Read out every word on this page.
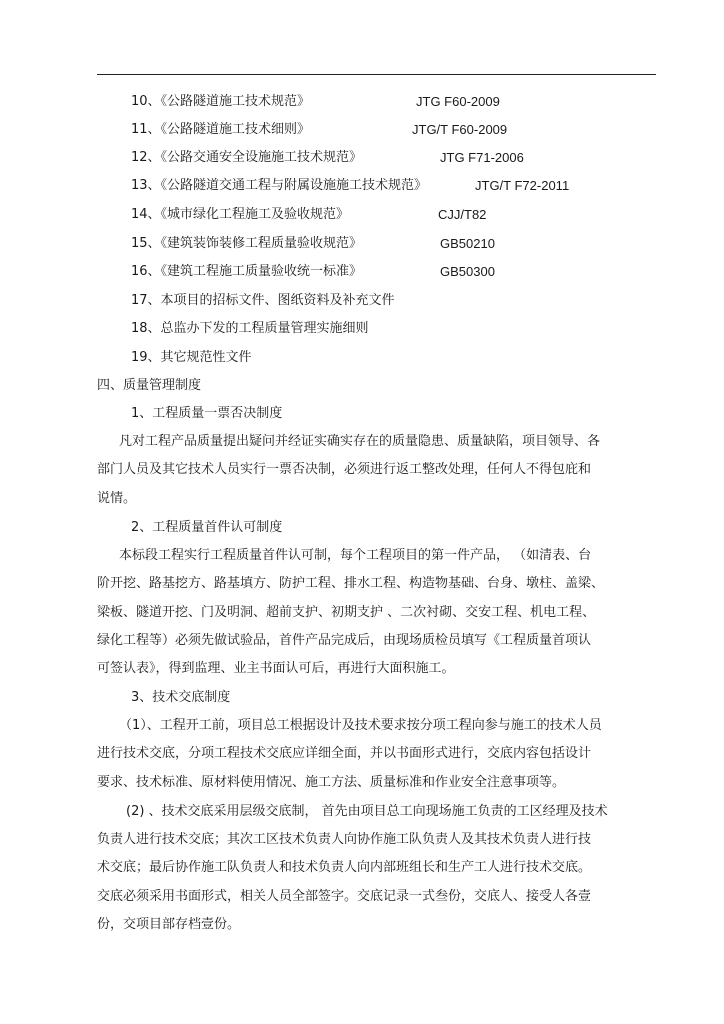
10、《公路隧道施工技术规范》	JTG F60-2009
11、《公路隧道施工技术细则》	JTG/T F60-2009
12、《公路交通安全设施施工技术规范》	JTG F71-2006
13、《公路隧道交通工程与附属设施施工技术规范》	JTG/T F72-2011
14、《城市绿化工程施工及验收规范》	CJJ/T82
15、《建筑装饰装修工程质量验收规范》	GB50210
16、《建筑工程施工质量验收统一标准》	GB50300
17、本项目的招标文件、图纸资料及补充文件
18、总监办下发的工程质量管理实施细则
19、其它规范性文件
四、质量管理制度
1、工程质量一票否决制度
凡对工程产品质量提出疑问并经证实确实存在的质量隐患、质量缺陷，项目领导、各
部门人员及其它技术人员实行一票否决制，必须进行返工整改处理，任何人不得包庇和
说情。
2、工程质量首件认可制度
本标段工程实行工程质量首件认可制，每个工程项目的第一件产品， （如清表、台
阶开挖、路基挖方、路基填方、防护工程、排水工程、构造物基础、台身、墩柱、盖梁、
梁板、隧道开挖、门及明洞、超前支护、初期支护 、二次衬砌、交安工程、机电工程、
绿化工程等）必须先做试验品，首件产品完成后，由现场质检员填写《工程质量首项认
可签认表》，得到监理、业主书面认可后，再进行大面积施工。
3、技术交底制度
（1）、工程开工前，项目总工根据设计及技术要求按分项工程向参与施工的技术人员
进行技术交底，分项工程技术交底应详细全面，并以书面形式进行，交底内容包括设计
要求、技术标准、原材料使用情况、施工方法、质量标准和作业安全注意事项等。
(2) 、技术交底采用层级交底制， 首先由项目总工向现场施工负责的工区经理及技术
负责人进行技术交底；其次工区技术负责人向协作施工队负责人及其技术负责人进行技
术交底；最后协作施工队负责人和技术负责人向内部班组长和生产工人进行技术交底。
交底必须采用书面形式，相关人员全部签字。交底记录一式叁份，交底人、接受人各壹
份，交项目部存档壹份。
